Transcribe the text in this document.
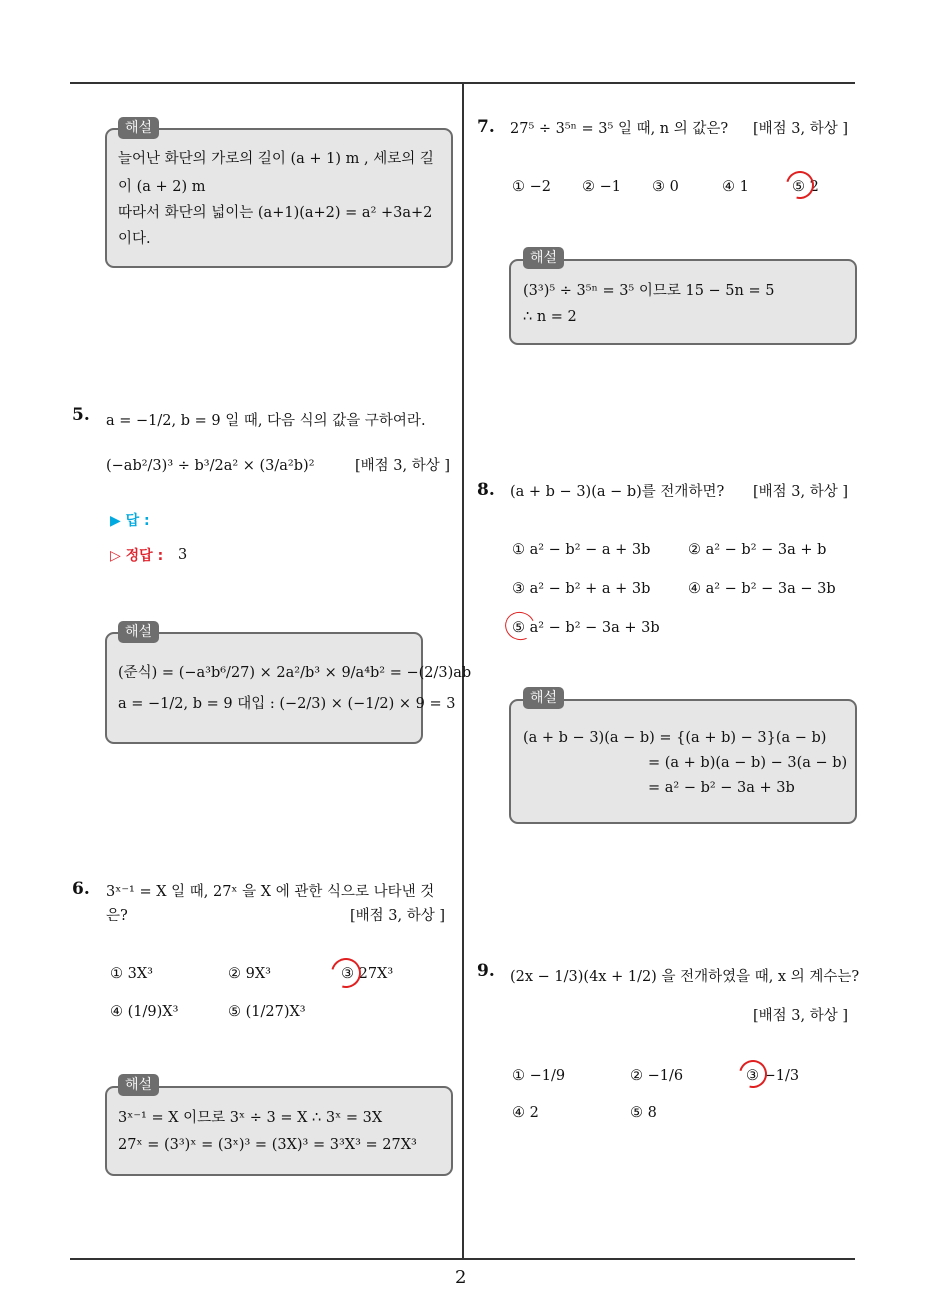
2
해설
늘어난 화단의 가로의 길이 (a + 1) m , 세로의 길
이 (a + 2) m
따라서 화단의 넓이는 (a+1)(a+2) = a² +3a+2
이다.
5. a = −1/2, b = 9 일 때, 다음 식의 값을 구하여라.
(−ab²/3)³ ÷ b³/2a² × (3/a²b)²	[배점 3, 하상 ]
▶ 답 :
▷ 정답 : 3
해설
(준식) = (−a³b⁶/27) × 2a²/b³ × 9/a⁴b² = −(2/3)ab
a = −1/2, b = 9 대입 : (−2/3) × (−1/2) × 9 = 3
6. 3ˣ⁻¹ = X 일 때, 27ˣ 을 X 에 관한 식으로 나타낸 것
은?	[배점 3, 하상 ]
① 3X³	② 9X³	③ 27X³
④ (1/9)X³	⑤ (1/27)X³
해설
3ˣ⁻¹ = X 이므로 3ˣ ÷ 3 = X ∴ 3ˣ = 3X
27ˣ = (3³)ˣ = (3ˣ)³ = (3X)³ = 3³X³ = 27X³
7. 27⁵ ÷ 3⁵ⁿ = 3⁵ 일 때, n 의 값은? [배점 3, 하상 ]
① −2 ② −1 ③ 0	④ 1	⑤ 2
해설
(3³)⁵ ÷ 3⁵ⁿ = 3⁵ 이므로 15 − 5n = 5
∴ n = 2
8. (a + b − 3)(a − b)를 전개하면? [배점 3, 하상 ]
① a² − b² − a + 3b	② a² − b² − 3a + b
③ a² − b² + a + 3b	④ a² − b² − 3a − 3b
⑤ a² − b² − 3a + 3b
해설
(a + b − 3)(a − b) = {(a + b) − 3}(a − b)
= (a + b)(a − b) − 3(a − b)
= a² − b² − 3a + 3b
9. (2x − 1/3)(4x + 1/2) 을 전개하였을 때, x 의 계수는?
[배점 3, 하상 ]
① −1/9	② −1/6	③ −1/3
④ 2	⑤ 8
